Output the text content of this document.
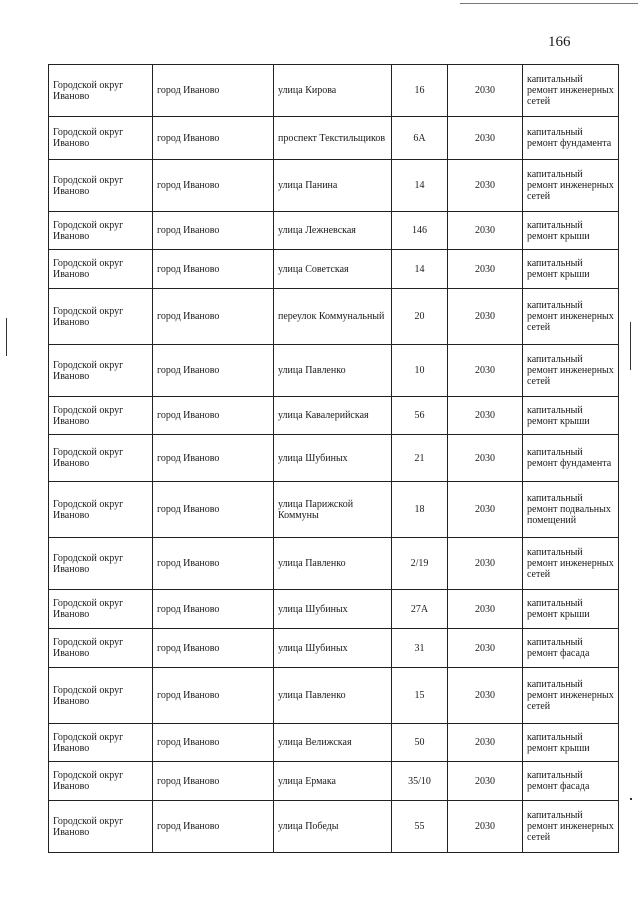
166
Городской округ Иваново	город Иваново	улица Кирова	16	2030	капитальный ремонт инженерных сетей
Городской округ Иваново	город Иваново	проспект Текстильщиков	6А	2030	капитальный ремонт фундамента
Городской округ Иваново	город Иваново	улица Панина	14	2030	капитальный ремонт инженерных сетей
Городской округ Иваново	город Иваново	улица Лежневская	146	2030	капитальный ремонт крыши
Городской округ Иваново	город Иваново	улица Советская	14	2030	капитальный ремонт крыши
Городской округ Иваново	город Иваново	переулок Коммунальный	20	2030	капитальный ремонт инженерных сетей
Городской округ Иваново	город Иваново	улица Павленко	10	2030	капитальный ремонт инженерных сетей
Городской округ Иваново	город Иваново	улица Кавалерийская	56	2030	капитальный ремонт крыши
Городской округ Иваново	город Иваново	улица Шубиных	21	2030	капитальный ремонт фундамента
Городской округ Иваново	город Иваново	улица Парижской Коммуны	18	2030	капитальный ремонт подвальных помещений
Городской округ Иваново	город Иваново	улица Павленко	2/19	2030	капитальный ремонт инженерных сетей
Городской округ Иваново	город Иваново	улица Шубиных	27А	2030	капитальный ремонт крыши
Городской округ Иваново	город Иваново	улица Шубиных	31	2030	капитальный ремонт фасада
Городской округ Иваново	город Иваново	улица Павленко	15	2030	капитальный ремонт инженерных сетей
Городской округ Иваново	город Иваново	улица Велижская	50	2030	капитальный ремонт крыши
Городской округ Иваново	город Иваново	улица Ермака	35/10	2030	капитальный ремонт фасада
Городской округ Иваново	город Иваново	улица Победы	55	2030	капитальный ремонт инженерных сетей
